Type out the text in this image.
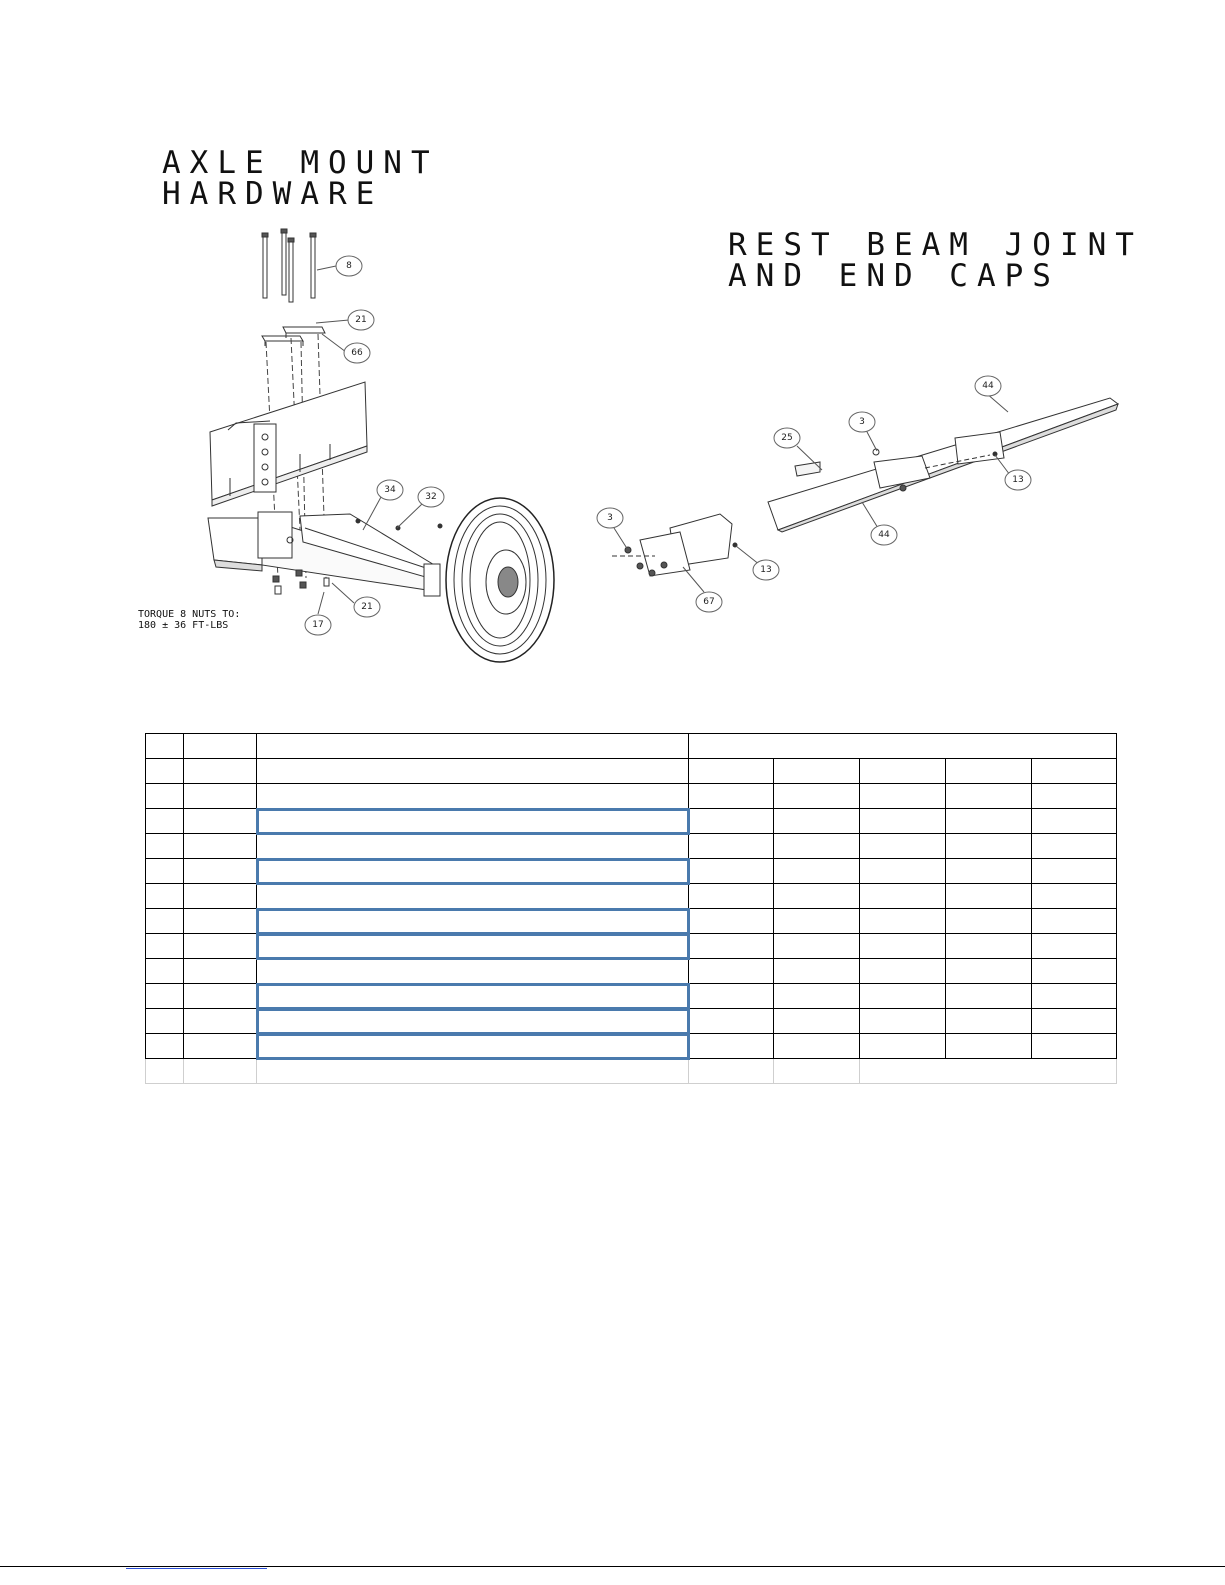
AXLE MOUNT
HARDWARE
REST BEAM JOINT
AND END CAPS
8
21
66
34
32
21
17
3
67
13
25
3
44
13
44
TORQUE 8 NUTS TO:
180 ± 36 FT-LBS
